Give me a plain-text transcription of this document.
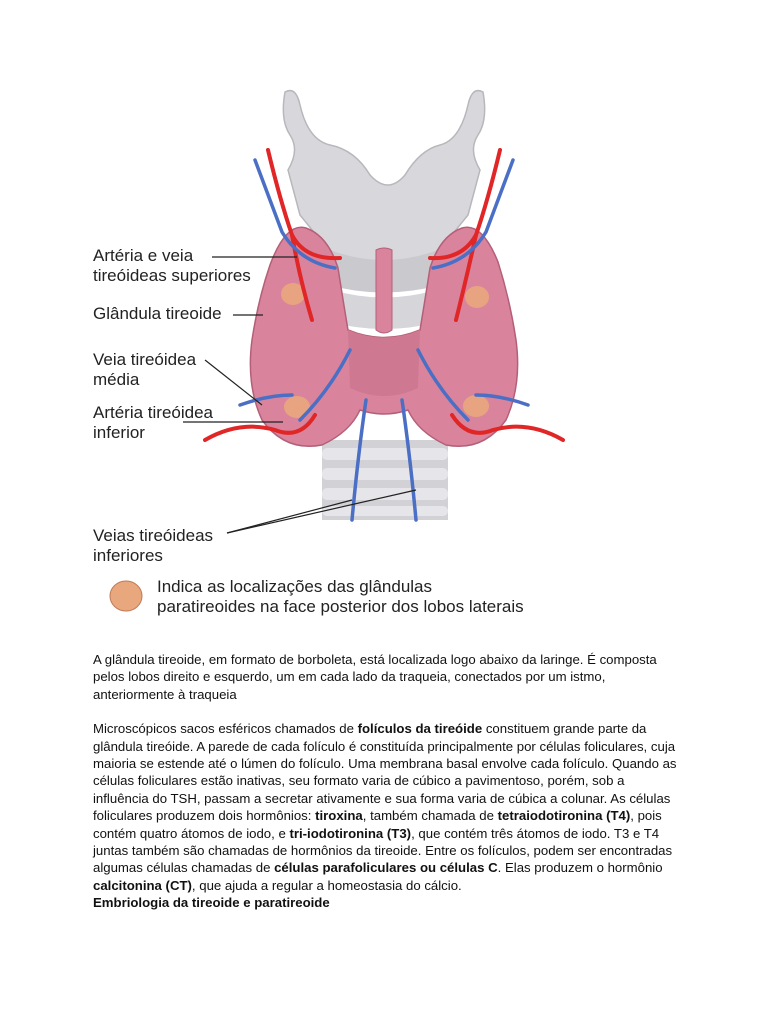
Artéria e veia
tireóideas superiores
Glândula tireoide
Veia tireóidea
média
Artéria tireóidea
inferior
Veias tireóideas
inferiores
Indica as localizações das glândulas
paratireoides na face posterior dos lobos laterais

A glândula tireoide, em formato de borboleta, está localizada logo abaixo da laringe. É composta pelos lobos direito e esquerdo, um em cada lado da traqueia, conectados por um istmo, anteriormente à traqueia

Microscópicos sacos esféricos chamados de folículos da tireóide constituem grande parte da glândula tireóide. A parede de cada folículo é constituída principalmente por células foliculares, cuja maioria se estende até o lúmen do folículo. Uma membrana basal envolve cada folículo. Quando as células foliculares estão inativas, seu formato varia de cúbico a pavimentoso, porém, sob a influência do TSH, passam a secretar ativamente e sua forma varia de cúbica a colunar. As células foliculares produzem dois hormônios: tiroxina, também chamada de tetraiodotironina (T4), pois contém quatro átomos de iodo, e tri-iodotironina (T3), que contém três átomos de iodo. T3 e T4 juntas também são chamadas de hormônios da tireoide. Entre os folículos, podem ser encontradas algumas células chamadas de células parafoliculares ou células C. Elas produzem o hormônio calcitonina (CT), que ajuda a regular a homeostasia do cálcio.

Embriologia da tireoide e paratireoide
